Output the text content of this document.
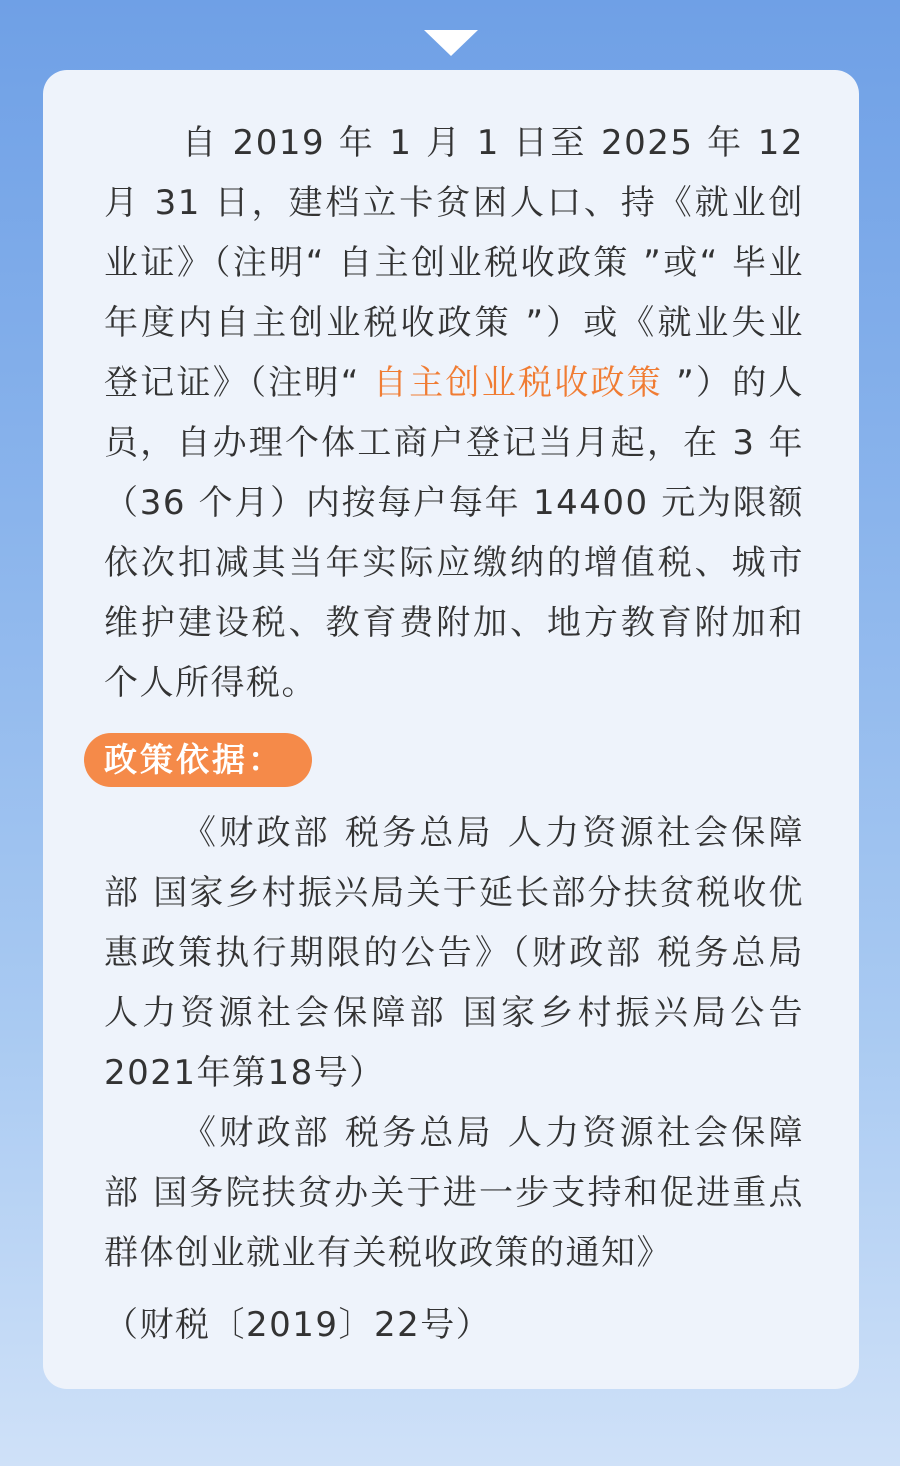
自 2019 年 1 月 1 日至 2025 年 12 月 31 日，建档立卡贫困人口、持《就业创业证》（注明“ 自主创业税收政策 ”或“ 毕业年度内自主创业税收政策 ”）或《就业失业登记证》（注明“ 自主创业税收政策 ”）的人员，自办理个体工商户登记当月起，在 3 年（36 个月）内按每户每年 14400 元为限额依次扣减其当年实际应缴纳的增值税、城市维护建设税、教育费附加、地方教育附加和个人所得税。
政策依据：
《财政部 税务总局 人力资源社会保障部 国家乡村振兴局关于延长部分扶贫税收优惠政策执行期限的公告》（财政部 税务总局 人力资源社会保障部 国家乡村振兴局公告2021年第18号）
《财政部 税务总局 人力资源社会保障部 国务院扶贫办关于进一步支持和促进重点群体创业就业有关税收政策的通知》
（财税〔2019〕22号）
